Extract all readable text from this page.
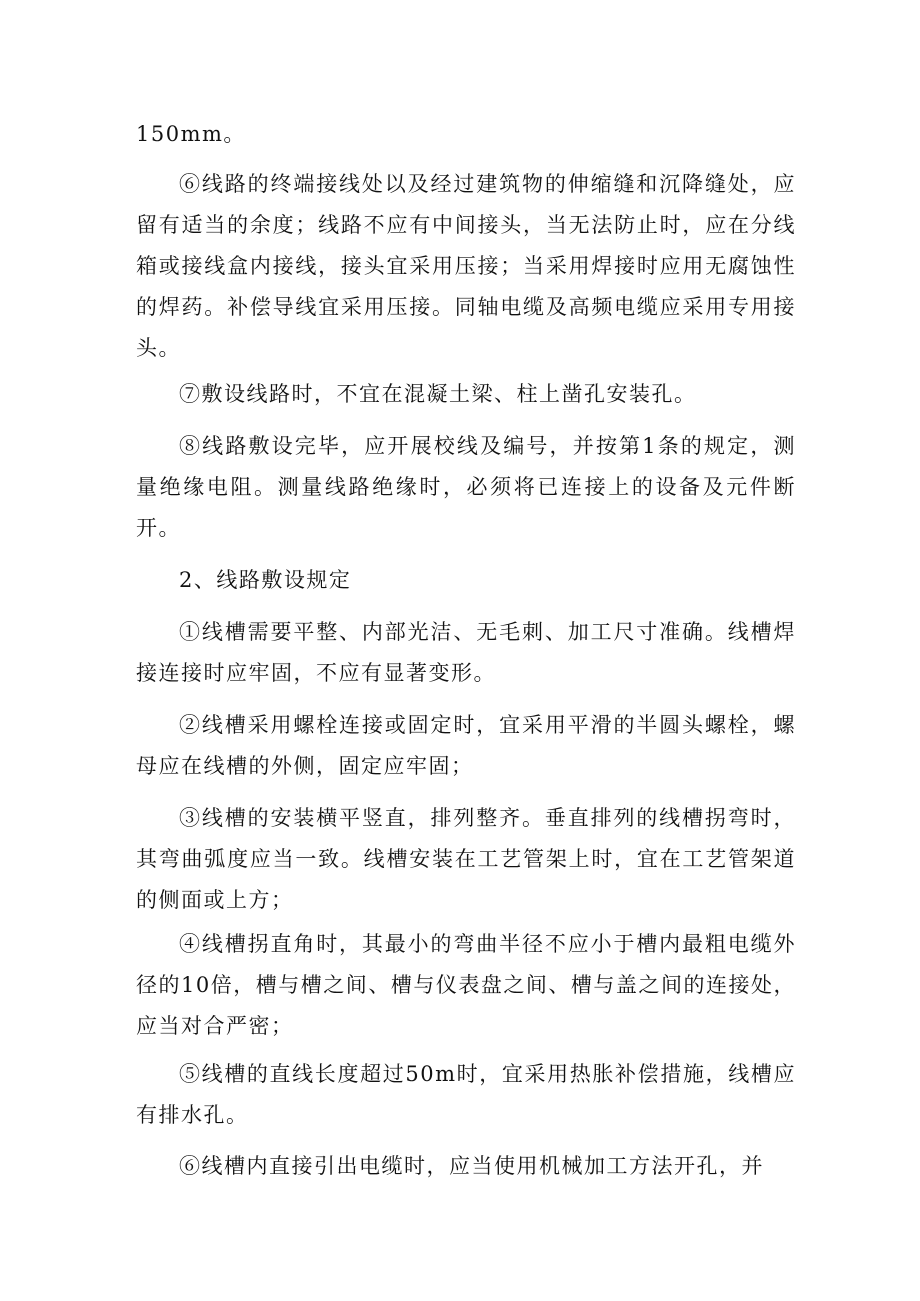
150mm。

⑥线路的终端接线处以及经过建筑物的伸缩缝和沉降缝处，应留有适当的余度；线路不应有中间接头，当无法防止时，应在分线箱或接线盒内接线，接头宜采用压接；当采用焊接时应用无腐蚀性的焊药。补偿导线宜采用压接。同轴电缆及高频电缆应采用专用接头。

⑦敷设线路时，不宜在混凝土梁、柱上凿孔安装孔。

⑧线路敷设完毕，应开展校线及编号，并按第1条的规定，测量绝缘电阻。测量线路绝缘时，必须将已连接上的设备及元件断开。

2、线路敷设规定

①线槽需要平整、内部光洁、无毛刺、加工尺寸准确。线槽焊接连接时应牢固，不应有显著变形。

②线槽采用螺栓连接或固定时，宜采用平滑的半圆头螺栓，螺母应在线槽的外侧，固定应牢固；

③线槽的安装横平竖直，排列整齐。垂直排列的线槽拐弯时，其弯曲弧度应当一致。线槽安装在工艺管架上时，宜在工艺管架道的侧面或上方；

④线槽拐直角时，其最小的弯曲半径不应小于槽内最粗电缆外径的10倍，槽与槽之间、槽与仪表盘之间、槽与盖之间的连接处，应当对合严密；

⑤线槽的直线长度超过50m时，宜采用热胀补偿措施，线槽应有排水孔。

⑥线槽内直接引出电缆时，应当使用机械加工方法开孔，并
